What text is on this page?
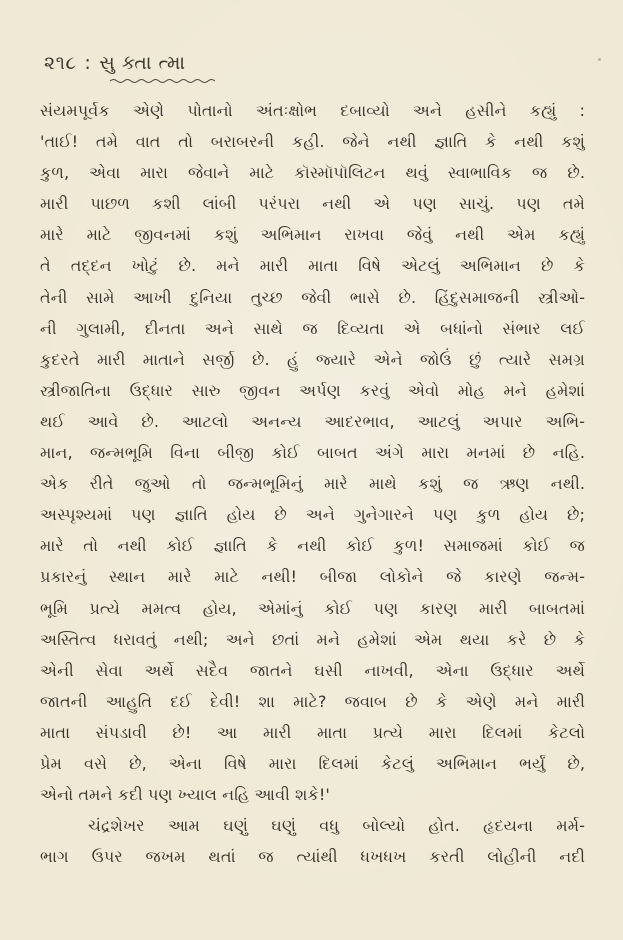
૨૧૮ : સુ ક્તા ત્મા
સંયમપૂર્વક એણે પોતાનો અંતઃક્ષોભ દબાવ્યો અને હસીને કહ્યું :
'તાઈ! તમે વાત તો બરાબરની કહી. જેને નથી જ્ઞાતિ કે નથી કશું
કુળ, એવા મારા જેવાને માટે કૉસ્મૉપૉલિટન થવું સ્વાભાવિક જ છે.
મારી પાછળ કશી લાંબી પરંપરા નથી એ પણ સાચું. પણ તમે
મારે માટે જીવનમાં કશું અભિમાન રાખવા જેવું નથી એમ કહ્યું
તે તદ્દન ખોટું છે. મને મારી માતા વિષે એટલું અભિમાન છે કે
તેની સામે આખી દુનિયા તુચ્છ જેવી ભાસે છે. હિંદુસમાજની સ્ત્રીઓ-
ની ગુલામી, દીનતા અને સાથે જ દિવ્યતા એ બધાંનો સંભાર લઈ
કુદરતે મારી માતાને સર્જી છે. હું જ્યારે એને જોઉં છું ત્યારે સમગ્ર
સ્ત્રીજાતિના ઉદ્ધાર સારુ જીવન અર્પણ કરવું એવો મોહ મને હમેશાં
થઈ આવે છે. આટલો અનન્ય આદરભાવ, આટલું અપાર અભિ-
માન, જન્મભૂમિ વિના બીજી કોઈ બાબત અંગે મારા મનમાં છે નહિ.
એક રીતે જુઓ તો જન્મભૂમિનું મારે માથે કશું જ ઋણ નથી.
અસ્પૃશ્યમાં પણ જ્ઞાતિ હોય છે અને ગુનેગારને પણ કુળ હોય છે;
મારે તો નથી કોઈ જ્ઞાતિ કે નથી કોઈ કુળ! સમાજમાં કોઈ જ
પ્રકારનું સ્થાન મારે માટે નથી! બીજા લોકોને જે કારણે જન્મ-
ભૂમિ પ્રત્યે મમત્વ હોય, એમાંનું કોઈ પણ કારણ મારી બાબતમાં
અસ્તિત્વ ધરાવતું નથી; અને છતાં મને હમેશાં એમ થયા કરે છે કે
એની સેવા અર્થે સદૈવ જાતને ઘસી નાખવી, એના ઉદ્ધાર અર્થે
જાતની આહુતિ દઈ દેવી! શા માટે? જવાબ છે કે એણે મને મારી
માતા સંપડાવી છે! આ મારી માતા પ્રત્યે મારા દિલમાં કેટલો
પ્રેમ વસે છે, એના વિષે મારા દિલમાં કેટલું અભિમાન ભર્યું છે,
એનો તમને કદી પણ ખ્યાલ નહિ આવી શકે!'
ચંદ્રશેખર આમ ઘણું ઘણું વધુ બોલ્યો હોત. હૃદયના મર્મ-
ભાગ ઉપર જખમ થતાં જ ત્યાંથી ધખધખ કરતી લોહીની નદી
